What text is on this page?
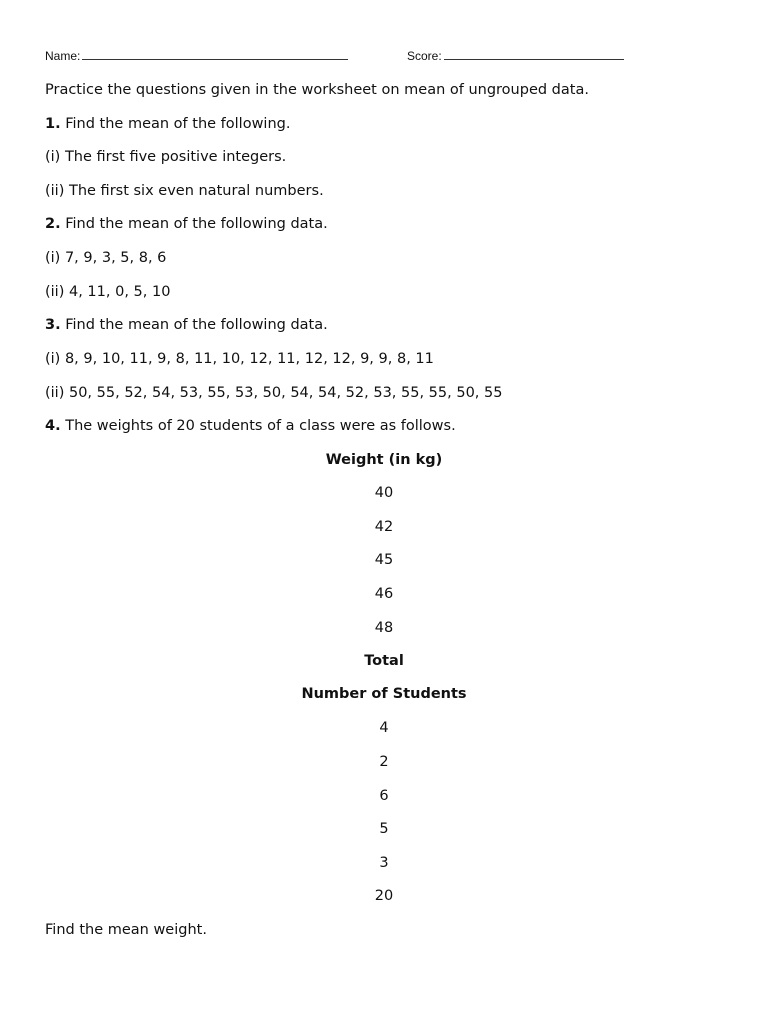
Name:	Score:
Practice the questions given in the worksheet on mean of ungrouped data.
1. Find the mean of the following.
(i) The first five positive integers.
(ii) The first six even natural numbers.
2. Find the mean of the following data.
(i) 7, 9, 3, 5, 8, 6
(ii) 4, 11, 0, 5, 10
3. Find the mean of the following data.
(i) 8, 9, 10, 11, 9, 8, 11, 10, 12, 11, 12, 12, 9, 9, 8, 11
(ii) 50, 55, 52, 54, 53, 55, 53, 50, 54, 54, 52, 53, 55, 55, 50, 55
4. The weights of 20 students of a class were as follows.
Weight (in kg)
40
42
45
46
48
Total
Number of Students
4
2
6
5
3
20
Find the mean weight.
